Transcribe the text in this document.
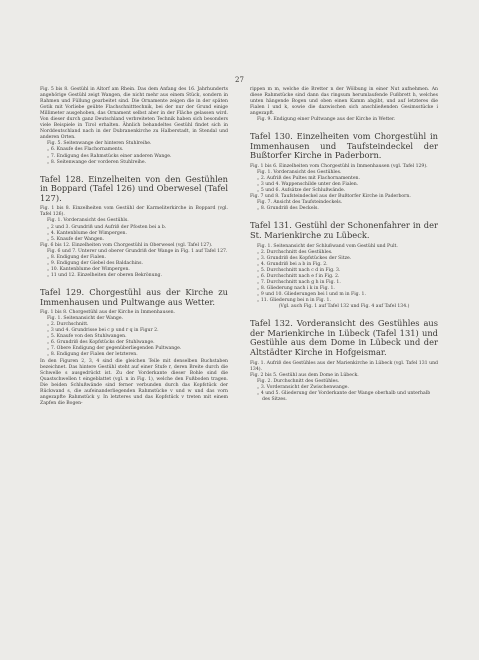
27

Fig. 5 bis 8. Gestühl in Altorf am Rhein. Das dem Anfang des 16. Jahrhunderts angehörige Gestühl zeigt Wangen, die nicht mehr aus einem Stück, sondern in Rahmen und Füllung gearbeitet sind. Die Ornamente zeigen die in der späten Gotik mit Vorliebe geübte Flachschnitttechnik, bei der nur der Grund einige Millimeter ausgehoben, das Ornament selbst aber in der Fläche gelassen wird. Von dieser durch ganz Deutschland verbreiteten Technik haben sich besonders viele Beispiele in Tirol erhalten. Ähnlich behandeltes Gestühl findet sich in Norddeutschland nach in der Dubranenkirche zu Halberstadt, in Stendal und anderen Orten.

Fig. 5. Seitenwange der hinteren Stuhlreihe.

„ 6. Knaufe des Flachornaments.

„ 7. Endigung des Rahmstücks einer anderen Wange.

„ 8. Seitenwange der vorderen Stuhlreihe.

Tafel 128. Einzelheiten von den Gestühlen in Boppard (Tafel 126) und Oberwesel (Tafel 127).

Fig. 1 bis 8. Einzelheiten vom Gestühl der Karmeliterkirche in Boppard (vgl. Tafel 126).

Fig. 1. Vorderansicht des Gestühls.

„ 2 und 3. Grundriß und Aufriß der Pfosten bei a b.

„ 4. Kantenblume der Wimpergen.

„ 5. Knaufe der Wangen.

Fig. 6 bis 12. Einzelheiten vom Chorgestühl in Oberwesel (vgl. Tafel 127).

Fig. 6 und 7. Unterer und oberer Grundriß der Wange in Fig. 1 auf Tafel 127.

„ 8. Endigung der Fialen.

„ 9. Endigung der Giebel des Baldachins.

„ 10. Kantenblume der Wimpergen.

„ 11 und 12. Einzelheiten der oberen Bekrönung.

Tafel 129. Chorgestühl aus der Kirche zu Immenhausen und Pultwange aus Wetter.

Fig. 1 bis 8. Chorgestühl aus der Kirche in Immenhausen.

Fig. 1. Seitenansicht der Wange.

„ 2. Durchschnitt.

„ 3 und 4. Grundrisse bei c p und r q in Figur 2.

„ 5. Knaufe von den Stuhlwangen.

„ 6. Grundriß des Kopfstücks der Stuhlwange.

„ 7. Obere Endigung der gegenüberliegenden Pultwange.

„ 8. Endigung der Fialen der letzteren.

In den Figuren 2, 3, 4 sind die gleichen Teile mit denselben Buchstaben bezeichnet. Das hintere Gestühl steht auf einer Stufe r, deren Breite durch die Schwelle s ausgedrückt ist. Zu der Vorderkante dieser Bohle sind die Quastschwellen t eingeblattet (vgl. n in Fig. 1), welche den Fußboden tragen. Die beiden Schlußwände sind ferner verbunden durch das Kopfstück der Rückwand s, die aufeinanderliegenden Rahmstücke v und w und das vorn angezapfte Rahmstück y. In letzteres und das Kopfstück v treten mit einem Zapfen die Bogen-

rippen m m, welche die Bretter n der Wölbung in einer Nut aufnehmen. An diese Rahmstücke sind dann das ringsum herumlaufende Fußbrett h, welches unten hängende Bogen und oben einen Kamm abgibt, und auf letzteres die Fialen l und k, sowie die dazwischen sich anschließenden Gesimsstücke i angezapft.

Fig. 9. Endigung einer Pultwange aus der Kirche in Wetter.

Tafel 130. Einzelheiten vom Chorgestühl in Immenhausen und Taufsteindeckel der Bußtorfer Kirche in Paderborn.

Fig. 1 bis 6. Einzelheiten vom Chorgestühl in Immenhausen (vgl. Tafel 129).

Fig. 1. Vorderansicht des Gestühles.

„ 2. Aufriß des Pultes mit Flachornamenten.

„ 3 und 4. Wappenschilde unter den Fialen.

„ 5 und 6. Aufsätze der Schlußwände.

Fig. 7 und 8. Taufsteindeckel aus der Bußtorfer Kirche in Paderborn.

Fig. 7. Ansicht des Taufsteindeckels.

„ 8. Grundriß des Deckels.

Tafel 131. Gestühl der Schonenfahrer in der St. Marienkirche zu Lübeck.

Fig. 1. Seitenansicht der Schlußwand vom Gestühl und Pult.

„ 2. Durchschnitt des Gestühles.

„ 3. Grundriß des Kopfstückes der Sitze.

„ 4. Grundriß bei a b in Fig. 2.

„ 5. Durchschnitt nach c d in Fig. 3.

„ 6. Durchschnitt nach e f in Fig. 2.

„ 7. Durchschnitt nach g h in Fig. 1.

„ 8. Gliederung nach i k in Fig. 1.

„ 9 und 10. Gliederungen bei l und m in Fig. 1.

„ 11. Gliederung bei n in Fig. 1.

(Vgl. auch Fig. 1 auf Tafel 132 und Fig. 4 auf Tafel 134.)

Tafel 132. Vorderansicht des Gestühles aus der Marienkirche in Lübeck (Tafel 131) und Gestühle aus dem Dome in Lübeck und der Altstädter Kirche in Hofgeismar.

Fig. 1. Aufriß des Gestühles aus der Marienkirche in Lübeck (vgl. Tafel 131 und 134).

Fig. 2 bis 5. Gestühl aus dem Dome in Lübeck.

Fig. 2. Durchschnitt des Gestühles.

„ 3. Vorderansicht der Zwischenwange.

„ 4 und 5. Gliederung der Vorderkante der Wange oberhalb und unterhalb des Sitzes.
